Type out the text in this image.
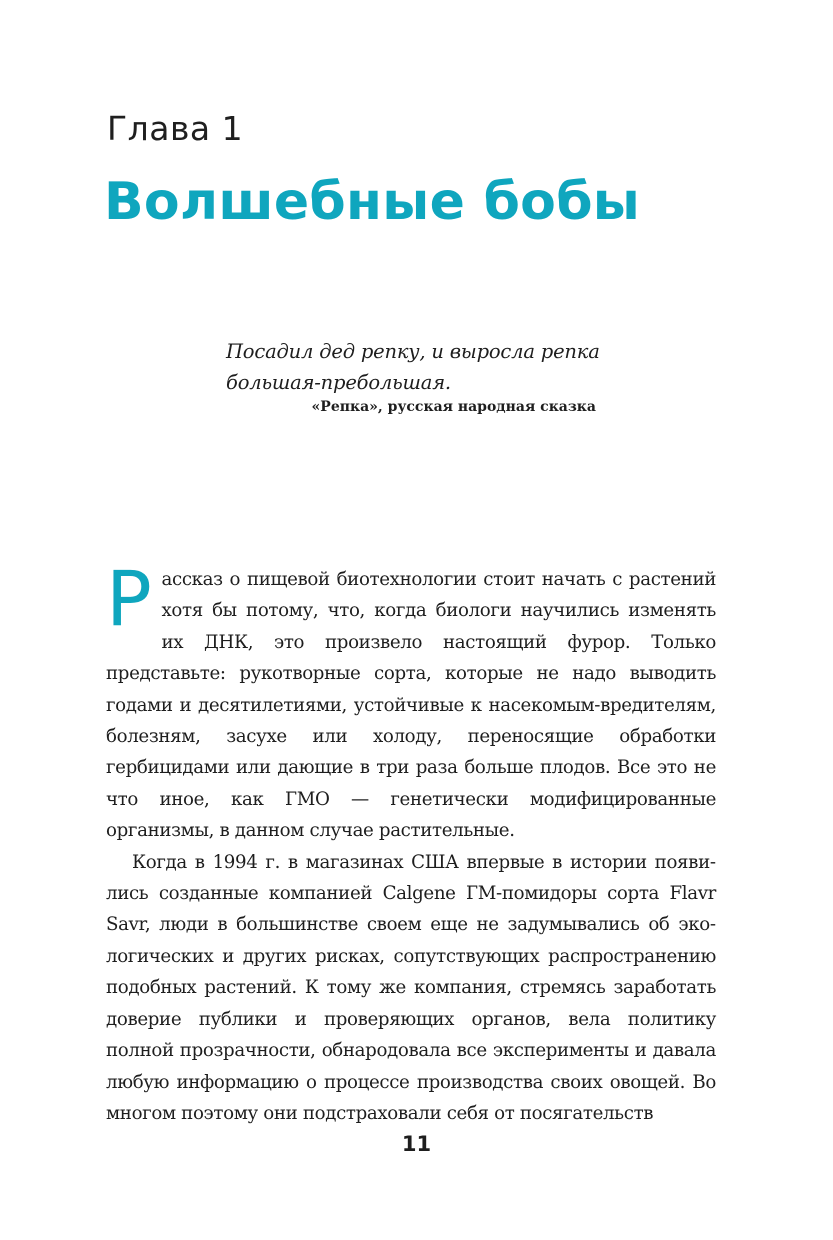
Глава 1
Волшебные бобы
Посадил дед репку, и выросла репка
большая-пребольшая.
«Репка», русская народная сказка

Рассказ о пищевой биотехнологии стоит начать с растений хотя бы потому, что, когда биологи научились изменять их ДНК, это произвело настоящий фурор. Только представьте: рукотворные сорта, которые не надо выводить годами и десятилетиями, устойчивые к насекомым-вредителям, болезням, засухе или холоду, переносящие обработки гербицидами или дающие в три раза больше плодов. Все это не что иное, как ГМО — генетически модифицированные организмы, в данном случае растительные.

Когда в 1994 г. в магазинах США впервые в истории появились созданные компанией Calgene ГМ-помидоры сорта Flavr Savr, люди в большинстве своем еще не задумывались об экологических и других рисках, сопутствующих распространению подобных растений. К тому же компания, стремясь заработать доверие публики и проверяющих органов, вела политику полной прозрачности, обнародовала все эксперименты и давала любую информацию о процессе производства своих овощей. Во многом поэтому они подстраховали себя от посягательств

11
